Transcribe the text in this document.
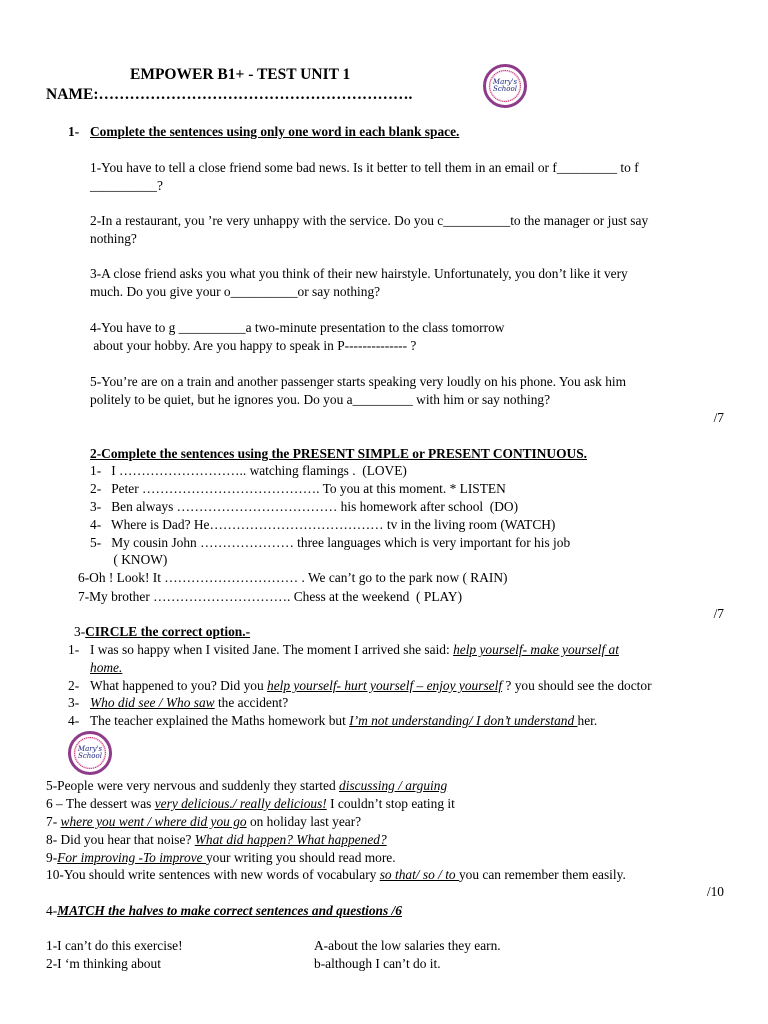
EMPOWER B1+ - TEST UNIT 1
NAME:…………………………………………………….
Mary's School
1- Complete the sentences using only one word in each blank space.
1-You have to tell a close friend some bad news. Is it better to tell them in an email or f_________ to f
__________?
2-In a restaurant, you ’re very unhappy with the service. Do you c__________to the manager or just say
nothing?
3-A close friend asks you what you think of their new hairstyle. Unfortunately, you don’t like it very
much. Do you give your o__________or say nothing?
4-You have to g __________a two-minute presentation to the class tomorrow
about your hobby. Are you happy to speak in P-------------- ?
5-You’re are on a train and another passenger starts speaking very loudly on his phone. You ask him
politely to be quiet, but he ignores you. Do you a_________ with him or say nothing?
/7
2-Complete the sentences using the PRESENT SIMPLE or PRESENT CONTINUOUS.
1-   I ……………………….. watching flamings .  (LOVE)
2-   Peter …………………………………. To you at this moment. * LISTEN
3-   Ben always ……………………………… his homework after school  (DO)
4-   Where is Dad? He………………………………… tv in the living room (WATCH)
5-   My cousin John ………………… three languages which is very important for his job
( KNOW)
6-Oh ! Look! It ………………………… . We can’t go to the park now ( RAIN)
7-My brother …………………………. Chess at the weekend  ( PLAY)
/7
3-CIRCLE the correct option.-
1- I was so happy when I visited Jane. The moment I arrived she said: help yourself- make yourself at
home.
2- What happened to you? Did you help yourself- hurt yourself – enjoy yourself ? you should see the doctor
3- Who did see / Who saw the accident?
4- The teacher explained the Maths homework but I’m not understanding/ I don’t understand her.
Mary's School
5-People were very nervous and suddenly they started discussing / arguing
6 – The dessert was very delicious./ really delicious! I couldn’t stop eating it
7- where you went / where did you go on holiday last year?
8- Did you hear that noise? What did happen? What happened?
9-For improving -To improve your writing you should read more.
10-You should write sentences with new words of vocabulary so that/ so / to you can remember them easily.
/10
4-MATCH the halves to make correct sentences and questions /6
1-I can’t do this exercise!	A-about the low salaries they earn.
2-I ‘m thinking about	b-although I can’t do it.
